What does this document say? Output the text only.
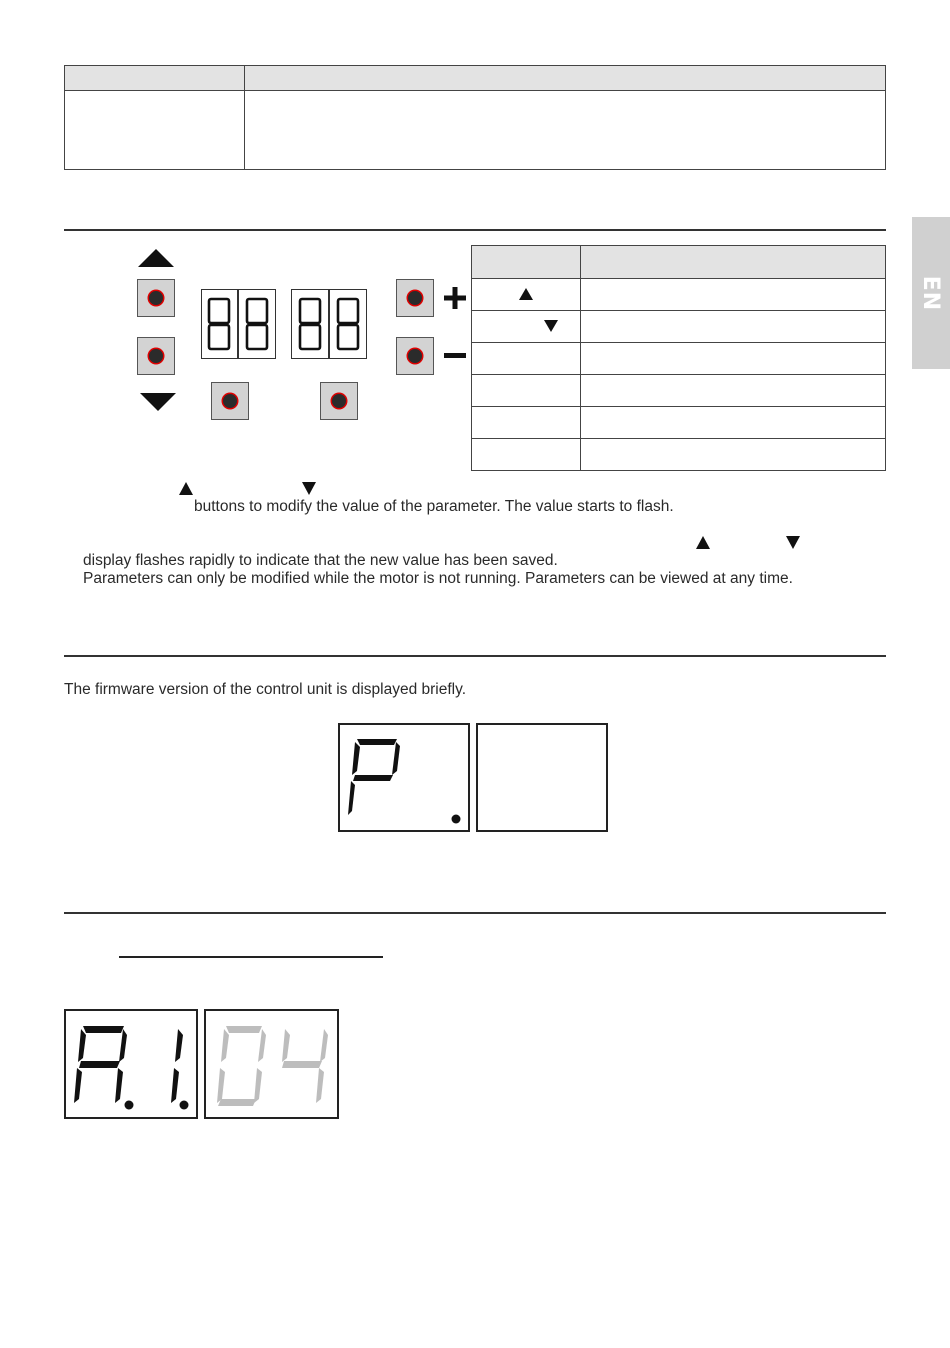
EN

buttons to modify the value of the parameter. The value starts to flash.
display flashes rapidly to indicate that the new value has been saved.
Parameters can only be modified while the motor is not running. Parameters can be viewed at any time.
The firmware version of the control unit is displayed briefly.
